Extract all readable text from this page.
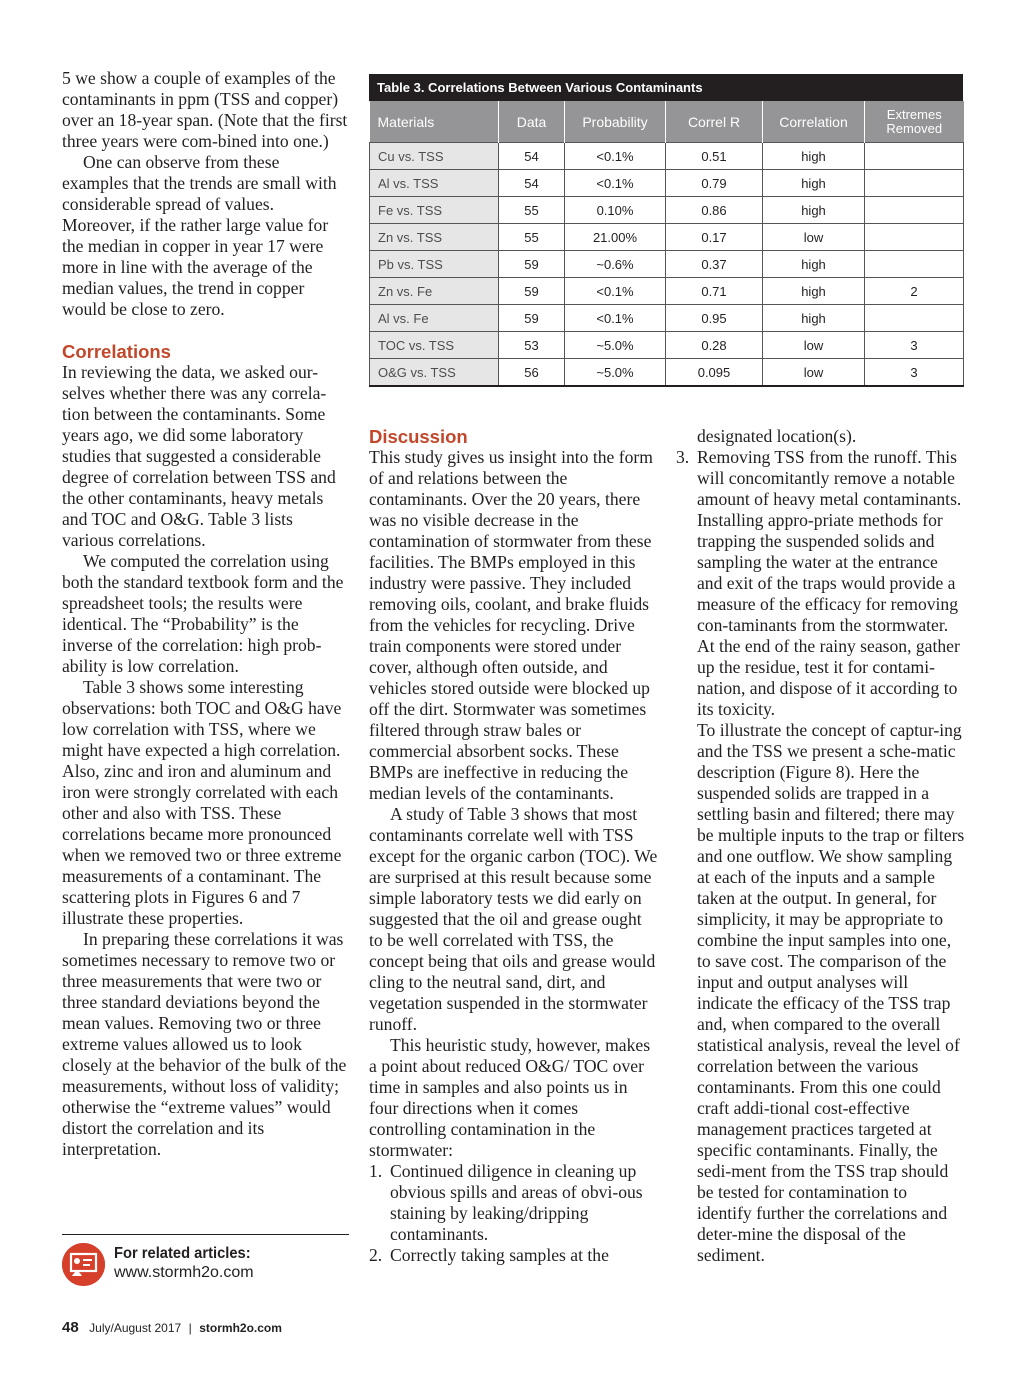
5 we show a couple of examples of the contaminants in ppm (TSS and copper) over an 18-year span. (Note that the first three years were com-bined into one.)

One can observe from these examples that the trends are small with considerable spread of values. Moreover, if the rather large value for the median in copper in year 17 were more in line with the average of the median values, the trend in copper would be close to zero.

Correlations

In reviewing the data, we asked our-selves whether there was any correla-tion between the contaminants. Some years ago, we did some laboratory studies that suggested a considerable degree of correlation between TSS and the other contaminants, heavy metals and TOC and O&G. Table 3 lists various correlations.

We computed the correlation using both the standard textbook form and the spreadsheet tools; the results were identical. The “Probability” is the inverse of the correlation: high prob-ability is low correlation.

Table 3 shows some interesting observations: both TOC and O&G have low correlation with TSS, where we might have expected a high correlation. Also, zinc and iron and aluminum and iron were strongly correlated with each other and also with TSS. These correlations became more pronounced when we removed two or three extreme measurements of a contaminant. The scattering plots in Figures 6 and 7 illustrate these properties.

In preparing these correlations it was sometimes necessary to remove two or three measurements that were two or three standard deviations beyond the mean values. Removing two or three extreme values allowed us to look closely at the behavior of the bulk of the measurements, without loss of validity; otherwise the “extreme values” would distort the correlation and its interpretation.

Table 3. Correlations Between Various Contaminants
Materials	Data	Probability	Correl R	Correlation	Extremes Removed
Cu vs. TSS	54	<0.1%	0.51	high	
Al vs. TSS	54	<0.1%	0.79	high	
Fe vs. TSS	55	0.10%	0.86	high	
Zn vs. TSS	55	21.00%	0.17	low	
Pb vs. TSS	59	~0.6%	0.37	high	
Zn vs. Fe	59	<0.1%	0.71	high	2
Al vs. Fe	59	<0.1%	0.95	high	
TOC vs. TSS	53	~5.0%	0.28	low	3
O&G vs. TSS	56	~5.0%	0.095	low	3
Discussion

This study gives us insight into the form of and relations between the contaminants. Over the 20 years, there was no visible decrease in the contamination of stormwater from these facilities. The BMPs employed in this industry were passive. They included removing oils, coolant, and brake fluids from the vehicles for recycling. Drive train components were stored under cover, although often outside, and vehicles stored outside were blocked up off the dirt. Stormwater was sometimes filtered through straw bales or commercial absorbent socks. These BMPs are ineffective in reducing the median levels of the contaminants.

A study of Table 3 shows that most contaminants correlate well with TSS except for the organic carbon (TOC). We are surprised at this result because some simple laboratory tests we did early on suggested that the oil and grease ought to be well correlated with TSS, the concept being that oils and grease would cling to the neutral sand, dirt, and vegetation suspended in the stormwater runoff.

This heuristic study, however, makes a point about reduced O&G/ TOC over time in samples and also points us in four directions when it comes controlling contamination in the stormwater:

1. Continued diligence in cleaning up obvious spills and areas of obvi-ous staining by leaking/dripping contaminants.
2. Correctly taking samples at the

designated location(s).

3. Removing TSS from the runoff. This will concomitantly remove a notable amount of heavy metal contaminants. Installing appro-priate methods for trapping the suspended solids and sampling the water at the entrance and exit of the traps would provide a measure of the efficacy for removing con-taminants from the stormwater. At the end of the rainy season, gather up the residue, test it for contami-nation, and dispose of it according to its toxicity.

To illustrate the concept of captur-ing and the TSS we present a sche-matic description (Figure 8). Here the suspended solids are trapped in a settling basin and filtered; there may be multiple inputs to the trap or filters and one outflow. We show sampling at each of the inputs and a sample taken at the output. In general, for simplicity, it may be appropriate to combine the input samples into one, to save cost. The comparison of the input and output analyses will indicate the efficacy of the TSS trap and, when compared to the overall statistical analysis, reveal the level of correlation between the various contaminants. From this one could craft addi-tional cost-effective management practices targeted at specific contaminants. Finally, the sedi-ment from the TSS trap should be tested for contamination to identify further the correlations and deter-mine the disposal of the sediment.

For related articles:
www.stormh2o.com
48 July/August 2017 | stormh2o.com
